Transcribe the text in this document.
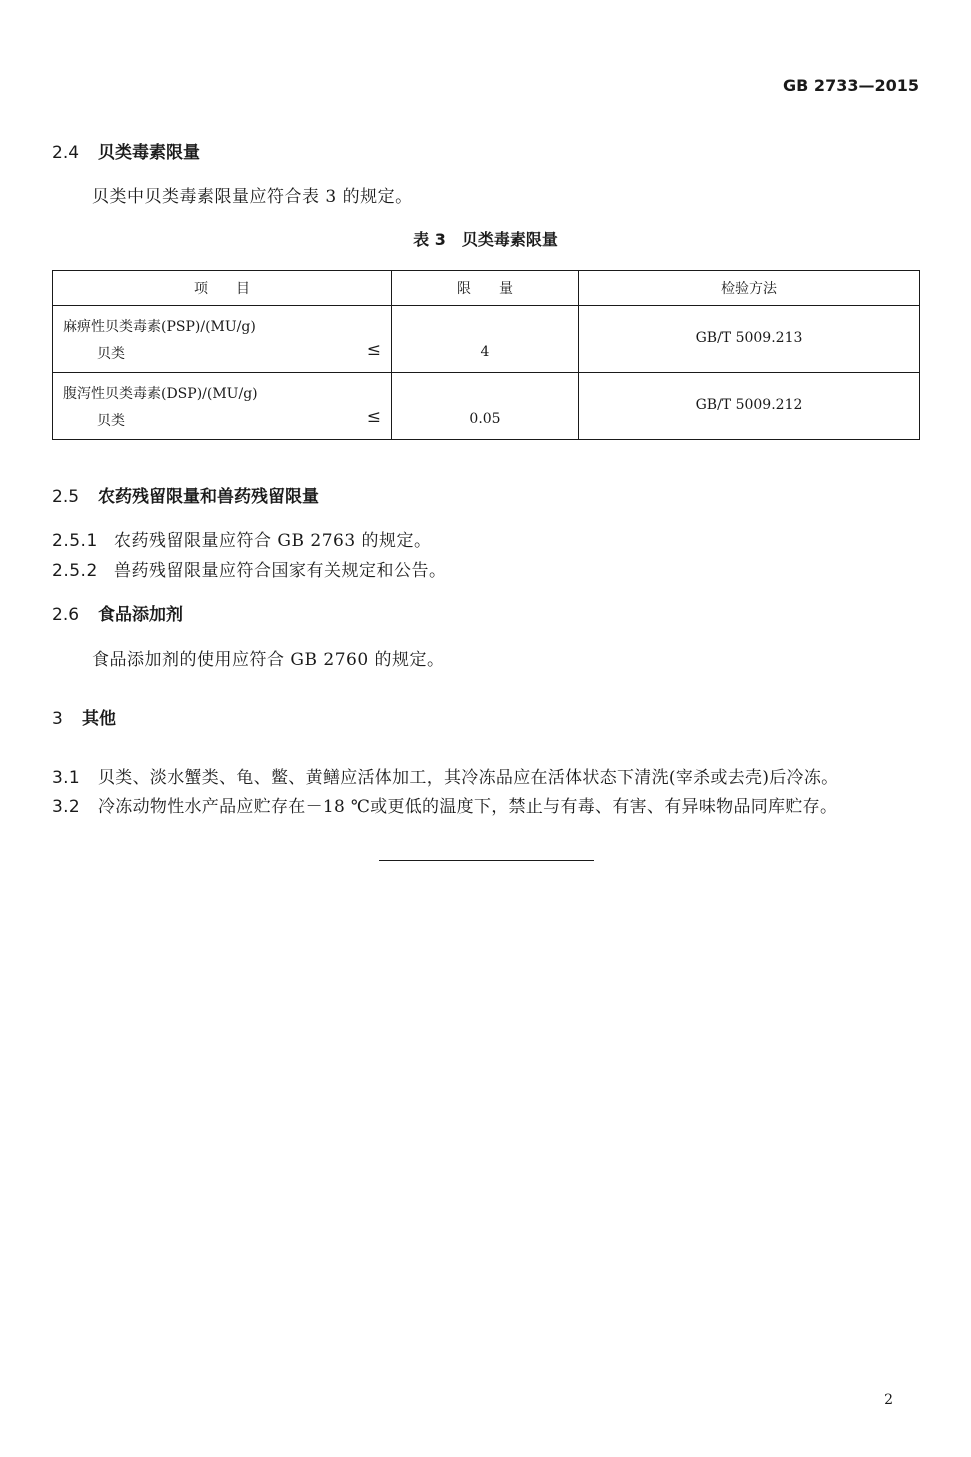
GB 2733—2015
2.4 贝类毒素限量
贝类中贝类毒素限量应符合表 3 的规定。
表 3　贝类毒素限量
项　　目	限　　量	检验方法

麻痹性贝类毒素(PSP)/(MU/g)
贝类 ≤	4	GB/T 5009.213

腹泻性贝类毒素(DSP)/(MU/g)
贝类 ≤	0.05	GB/T 5009.212
2.5 农药残留限量和兽药残留限量
2.5.1 农药残留限量应符合 GB 2763 的规定。
2.5.2 兽药残留限量应符合国家有关规定和公告。
2.6 食品添加剂
食品添加剂的使用应符合 GB 2760 的规定。
3 其他
3.1 贝类、淡水蟹类、龟、鳖、黄鳝应活体加工，其冷冻品应在活体状态下清洗(宰杀或去壳)后冷冻。
3.2 冷冻动物性水产品应贮存在－18 ℃或更低的温度下，禁止与有毒、有害、有异味物品同库贮存。
2
